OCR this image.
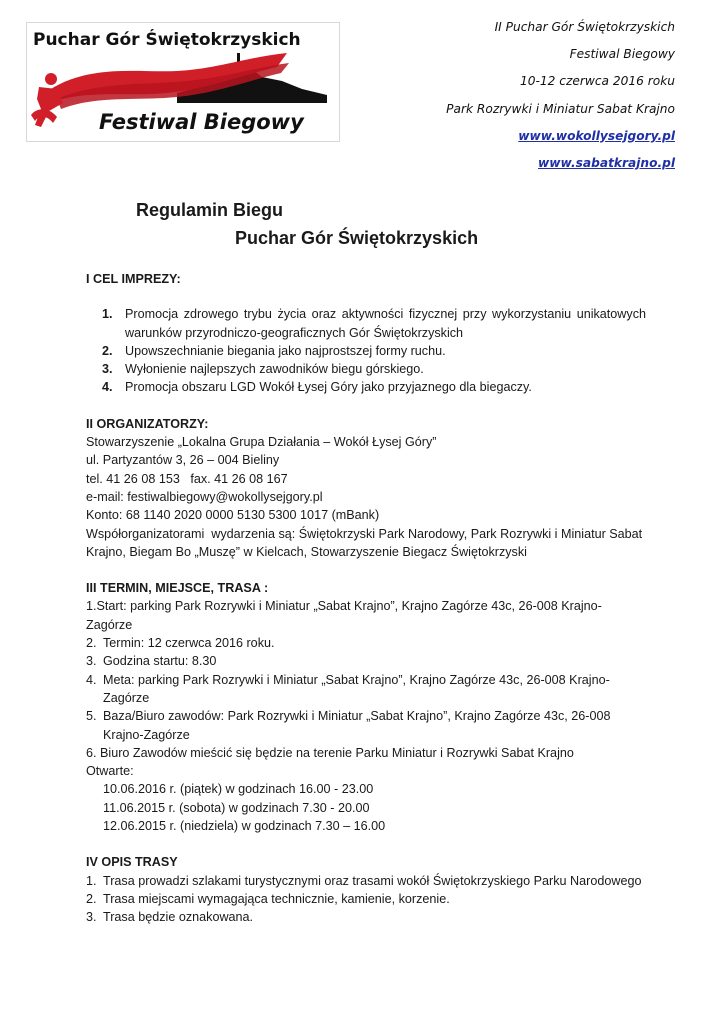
Puchar Gór Świętokrzyskich
Festiwal Biegowy
II Puchar Gór Świętokrzyskich
Festiwal Biegowy
10-12 czerwca 2016 roku
Park Rozrywki i Miniatur Sabat Krajno
www.wokollysejgory.pl
www.sabatkrajno.pl
Regulamin Biegu
Puchar Gór Świętokrzyskich

I CEL IMPREZY:

1. Promocja zdrowego trybu życia oraz aktywności fizycznej przy wykorzystaniu unikatowych warunków przyrodniczo-geograficznych Gór Świętokrzyskich
2. Upowszechnianie biegania jako najprostszej formy ruchu.
3. Wyłonienie najlepszych zawodników biegu górskiego.
4. Promocja obszaru LGD Wokół Łysej Góry jako przyjaznego dla biegaczy.

II ORGANIZATORZY:

Stowarzyszenie „Lokalna Grupa Działania – Wokół Łysej Góry”

ul. Partyzantów 3, 26 – 004 Bieliny

tel. 41 26 08 153   fax. 41 26 08 167

e-mail: festiwalbiegowy@wokollysejgory.pl

Konto: 68 1140 2020 0000 5130 5300 1017 (mBank)

Współorganizatorami  wydarzenia są: Świętokrzyski Park Narodowy, Park Rozrywki i Miniatur Sabat Krajno, Biegam Bo „Muszę” w Kielcach, Stowarzyszenie Biegacz Świętokrzyski

III TERMIN, MIEJSCE, TRASA :

1.Start: parking Park Rozrywki i Miniatur „Sabat Krajno”, Krajno Zagórze 43c, 26-008 Krajno-Zagórze

2. Termin: 12 czerwca 2016 roku.
3. Godzina startu: 8.30
4. Meta: parking Park Rozrywki i Miniatur „Sabat Krajno”, Krajno Zagórze 43c, 26-008 Krajno-Zagórze
5. Baza/Biuro zawodów: Park Rozrywki i Miniatur „Sabat Krajno”, Krajno Zagórze 43c, 26-008 Krajno-Zagórze

6. Biuro Zawodów mieścić się będzie na terenie Parku Miniatur i Rozrywki Sabat Krajno

Otwarte:

10.06.2016 r. (piątek) w godzinach 16.00 - 23.00

11.06.2015 r. (sobota) w godzinach 7.30 - 20.00

12.06.2015 r. (niedziela) w godzinach 7.30 – 16.00

IV OPIS TRASY

1. Trasa prowadzi szlakami turystycznymi oraz trasami wokół Świętokrzyskiego Parku Narodowego
2. Trasa miejscami wymagająca technicznie, kamienie, korzenie.
3. Trasa będzie oznakowana.
